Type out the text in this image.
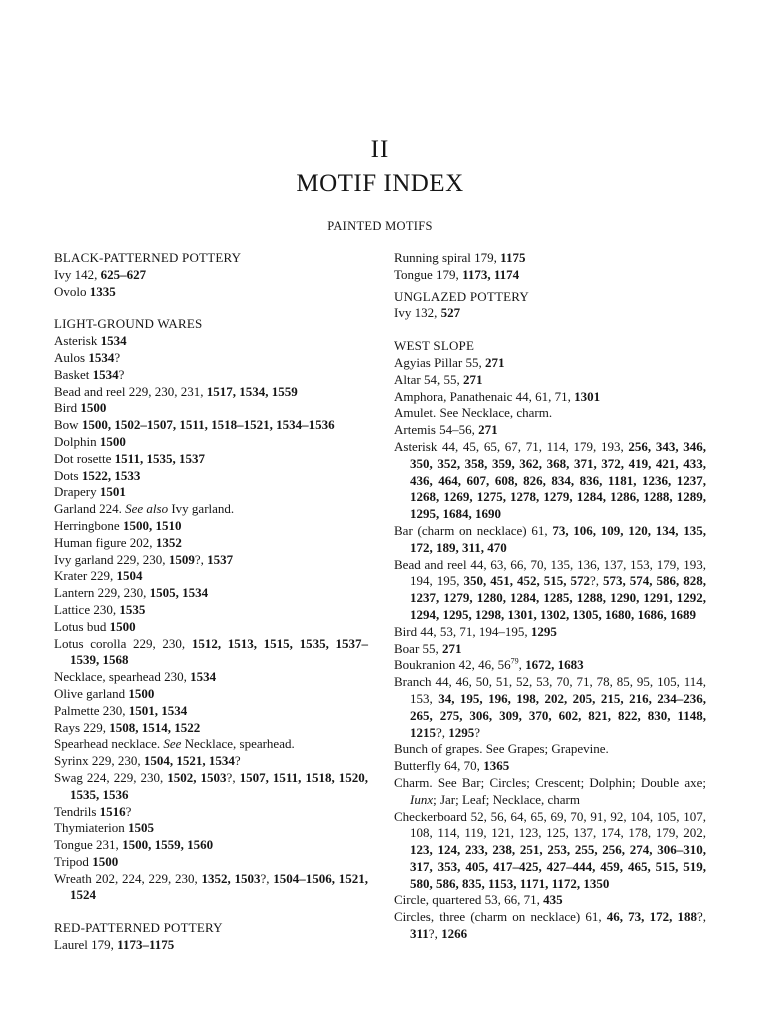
II
MOTIF INDEX
PAINTED MOTIFS
BLACK-PATTERNED POTTERY
Ivy 142, 625–627
Ovolo 1335
LIGHT-GROUND WARES
Asterisk 1534
Aulos 1534?
Basket 1534?
Bead and reel 229, 230, 231, 1517, 1534, 1559
Bird 1500
Bow 1500, 1502–1507, 1511, 1518–1521, 1534–1536
Dolphin 1500
Dot rosette 1511, 1535, 1537
Dots 1522, 1533
Drapery 1501
Garland 224. See also Ivy garland.
Herringbone 1500, 1510
Human figure 202, 1352
Ivy garland 229, 230, 1509?, 1537
Krater 229, 1504
Lantern 229, 230, 1505, 1534
Lattice 230, 1535
Lotus bud 1500
Lotus corolla 229, 230, 1512, 1513, 1515, 1535, 1537–1539, 1568
Necklace, spearhead 230, 1534
Olive garland 1500
Palmette 230, 1501, 1534
Rays 229, 1508, 1514, 1522
Spearhead necklace. See Necklace, spearhead.
Syrinx 229, 230, 1504, 1521, 1534?
Swag 224, 229, 230, 1502, 1503?, 1507, 1511, 1518, 1520, 1535, 1536
Tendrils 1516?
Thymiaterion 1505
Tongue 231, 1500, 1559, 1560
Tripod 1500
Wreath 202, 224, 229, 230, 1352, 1503?, 1504–1506, 1521, 1524
RED-PATTERNED POTTERY
Laurel 179, 1173–1175
Running spiral 179, 1175
Tongue 179, 1173, 1174
UNGLAZED POTTERY
Ivy 132, 527
WEST SLOPE
Agyias Pillar 55, 271
Altar 54, 55, 271
Amphora, Panathenaic 44, 61, 71, 1301
Amulet. See Necklace, charm.
Artemis 54–56, 271
Asterisk 44, 45, 65, 67, 71, 114, 179, 193, 256, 343, 346, 350, 352, 358, 359, 362, 368, 371, 372, 419, 421, 433, 436, 464, 607, 608, 826, 834, 836, 1181, 1236, 1237, 1268, 1269, 1275, 1278, 1279, 1284, 1286, 1288, 1289, 1295, 1684, 1690
Bar (charm on necklace) 61, 73, 106, 109, 120, 134, 135, 172, 189, 311, 470
Bead and reel 44, 63, 66, 70, 135, 136, 137, 153, 179, 193, 194, 195, 350, 451, 452, 515, 572?, 573, 574, 586, 828, 1237, 1279, 1280, 1284, 1285, 1288, 1290, 1291, 1292, 1294, 1295, 1298, 1301, 1302, 1305, 1680, 1686, 1689
Bird 44, 53, 71, 194–195, 1295
Boar 55, 271
Boukranion 42, 46, $56^{79}$, 1672, 1683
Branch 44, 46, 50, 51, 52, 53, 70, 71, 78, 85, 95, 105, 114, 153, 34, 195, 196, 198, 202, 205, 215, 216, 234–236, 265, 275, 306, 309, 370, 602, 821, 822, 830, 1148, 1215?, 1295?
Bunch of grapes. See Grapes; Grapevine.
Butterfly 64, 70, 1365
Charm. See Bar; Circles; Crescent; Dolphin; Double axe; Iunx; Jar; Leaf; Necklace, charm
Checkerboard 52, 56, 64, 65, 69, 70, 91, 92, 104, 105, 107, 108, 114, 119, 121, 123, 125, 137, 174, 178, 179, 202, 123, 124, 233, 238, 251, 253, 255, 256, 274, 306–310, 317, 353, 405, 417–425, 427–444, 459, 465, 515, 519, 580, 586, 835, 1153, 1171, 1172, 1350
Circle, quartered 53, 66, 71, 435
Circles, three (charm on necklace) 61, 46, 73, 172, 188?, 311?, 1266
